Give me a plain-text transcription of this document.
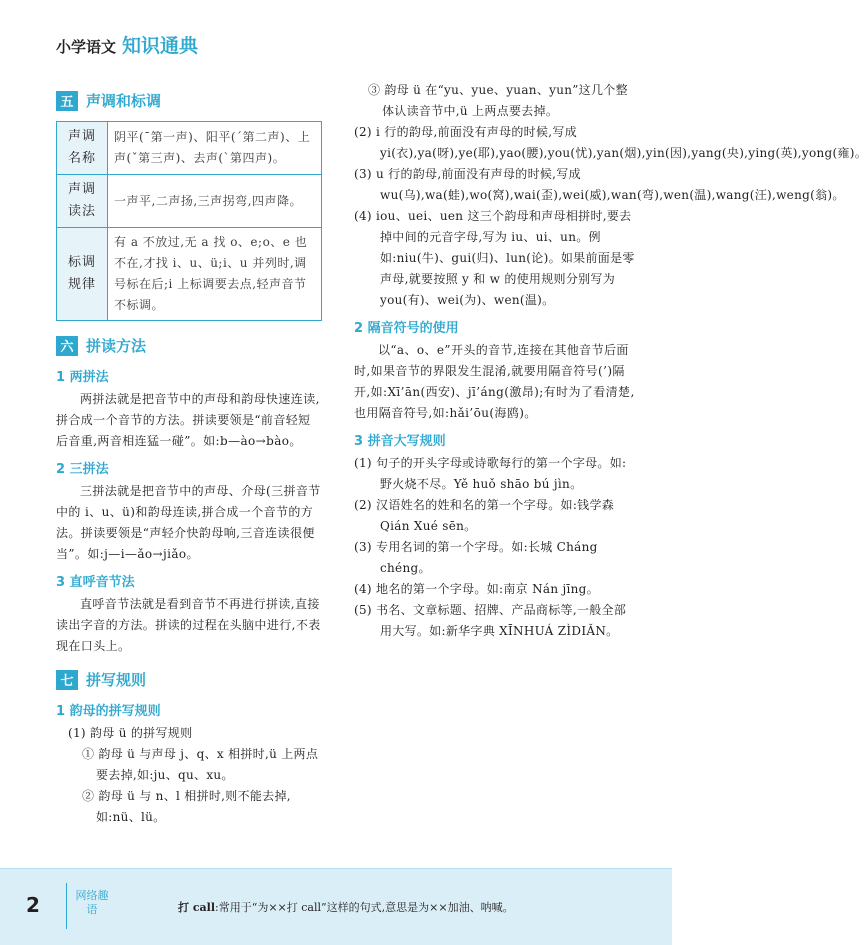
小学语文 知识通典
五 声调和标调
声调名称	阴平(ˉ第一声)、阳平(ˊ第二声)、上声(ˇ第三声)、去声(ˋ第四声)。
声调读法	一声平,二声扬,三声拐弯,四声降。
标调规律	有 a 不放过,无 a 找 o、e;o、e 也不在,才找 i、u、ü;i、u 并列时,调号标在后;i 上标调要去点,轻声音节不标调。
六 拼读方法
1 两拼法

两拼法就是把音节中的声母和韵母快速连读,拼合成一个音节的方法。拼读要领是“前音轻短后音重,两音相连猛一碰”。如:b—ào→bào。

2 三拼法

三拼法就是把音节中的声母、介母(三拼音节中的 i、u、ü)和韵母连读,拼合成一个音节的方法。拼读要领是“声轻介快韵母响,三音连读很便当”。如:j—i—ǎo→jiǎo。

3 直呼音节法

直呼音节法就是看到音节不再进行拼读,直接读出字音的方法。拼读的过程在头脑中进行,不表现在口头上。

七 拼写规则
1 韵母的拼写规则
(1) 韵母 ü 的拼写规则
① 韵母 ü 与声母 j、q、x 相拼时,ü 上两点要去掉,如:ju、qu、xu。
② 韵母 ü 与 n、l 相拼时,则不能去掉,如:nü、lü。
③ 韵母 ü 在“yu、yue、yuan、yun”这几个整体认读音节中,ü 上两点要去掉。
(2) i 行的韵母,前面没有声母的时候,写成 yi(衣),ya(呀),ye(耶),yao(腰),you(忧),yan(烟),yin(因),yang(央),ying(英),yong(雍)。
(3) u 行的韵母,前面没有声母的时候,写成 wu(乌),wa(蛙),wo(窝),wai(歪),wei(威),wan(弯),wen(温),wang(汪),weng(翁)。
(4) iou、uei、uen 这三个韵母和声母相拼时,要去掉中间的元音字母,写为 iu、ui、un。例如:niu(牛)、gui(归)、lun(论)。如果前面是零声母,就要按照 y 和 w 的使用规则分别写为 you(有)、wei(为)、wen(温)。
2 隔音符号的使用

以“a、o、e”开头的音节,连接在其他音节后面时,如果音节的界限发生混淆,就要用隔音符号(’)隔开,如:Xī’ān(西安)、jī’áng(激昂);有时为了看清楚,也用隔音符号,如:hǎi’ōu(海鸥)。

3 拼音大写规则
(1) 句子的开头字母或诗歌每行的第一个字母。如:野火烧不尽。Yě huǒ shāo bú jìn。
(2) 汉语姓名的姓和名的第一个字母。如:钱学森 Qián Xué sēn。
(3) 专用名词的第一个字母。如:长城 Cháng chéng。
(4) 地名的第一个字母。如:南京 Nán jīng。
(5) 书名、文章标题、招牌、产品商标等,一般全部用大写。如:新华字典 XĪNHUÁ ZÌDIǍN。
2	网络趣语	打 call:常用于“为××打 call”这样的句式,意思是为××加油、呐喊。
